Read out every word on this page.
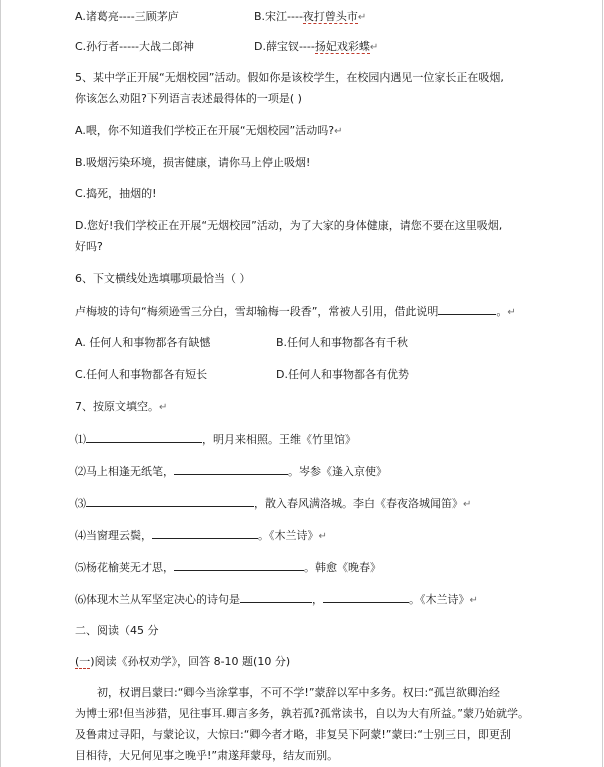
A.诸葛亮----三顾茅庐	B.宋江----夜打曾头市↵
C.孙行者-----大战二郎神	D.薛宝钗----扬妃戏彩蝶↵
5、某中学正开展“无烟校园”活动。假如你是该校学生，在校园内遇见一位家长正在吸烟,
你该怎么劝阻?下列语言表述最得体的一项是( )
A.喂，你不知道我们学校正在开展“无烟校园”活动吗?↵
B.吸烟污染环境，损害健康，请你马上停止吸烟!
C.捣死，抽烟的!
D.您好!我们学校正在开展“无烟校园”活动，为了大家的身体健康，请您不要在这里吸烟,
好吗?
6、下文横线处选填哪项最恰当（ ）
卢梅坡的诗句“梅须逊雪三分白，雪却输梅一段香”，常被人引用，借此说明	。↵
A. 任何人和事物都各有缺憾	B.任何人和事物都各有千秋
C.任何人和事物都各有短长	D.任何人和事物都各有优势
7、按原文填空。↵
⑴	，明月来相照。王维《竹里馆》
⑵马上相逢无纸笔，	。岑参《逢入京使》
⑶	，散入春风满洛城。李白《春夜洛城闻笛》↵
⑷当窗理云鬓，	。《木兰诗》↵
⑸杨花榆荚无才思，	。韩愈《晚春》
⑹体现木兰从军坚定决心的诗句是	，	。《木兰诗》↵
二、阅读（45 分
(一)阅读《孙权劝学》，回答 8-10 题(10 分)
初，权谓吕蒙曰:“卿今当涂掌事，不可不学!”蒙辞以军中多务。权曰:“孤岂欲卿治经
为博士邪!但当涉猎，见往事耳.卿言多务，孰若孤?孤常读书，自以为大有所益。”蒙乃始就学。
及鲁肃过寻阳，与蒙论议，大惊曰:“卿今者才略，非复吴下阿蒙!”蒙曰:“士别三日，即更刮
目相待，大兄何见事之晚乎!”肃遂拜蒙母，结友而别。
